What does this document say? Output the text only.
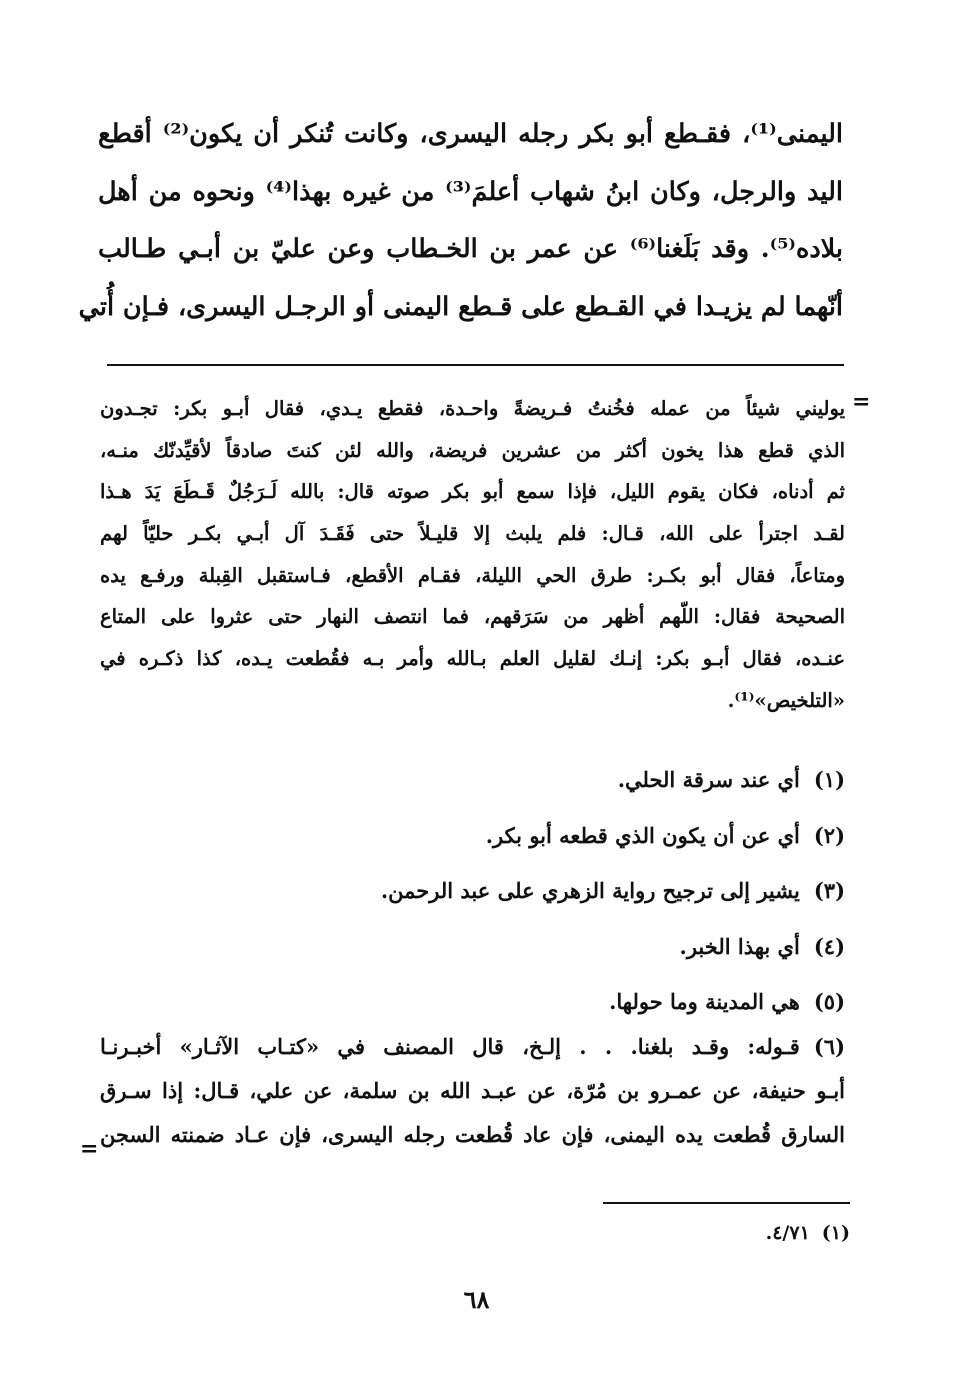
اليمنى⁽¹⁾، فقـطع أبو بكر رجله اليسرى، وكانت تُنكر أن يكون⁽²⁾ أقطع
اليد والرجل، وكان ابنُ شهاب أعلمَ⁽³⁾ من غيره بهذا⁽⁴⁾ ونحوه من أهل
بلاده⁽⁵⁾. وقد بَلَغنا⁽⁶⁾ عن عمر بن الخـطاب وعن عليّ بن أبـي طـالب
أنّهما لم يزيـدا في القـطع على قـطع اليمنى أو الرجـل اليسرى، فـإن أُتي
=
يوليني شيئاً من عمله فخُنتُ فـريضةً واحـدة، فقطع يـدي، فقال أبـو بكر: تجـدون
الذي قطع هذا يخون أكثر من عشرين فريضة، والله لئن كنتَ صادقاً لأقيِّدنّك منـه،
ثم أدناه، فكان يقوم الليل، فإذا سمع أبو بكر صوته قال: بالله لَـرَجُلٌ قَـطَعَ يَدَ هـذا
لقـد اجترأ على الله، قـال: فلم يلبث إلا قليـلاً حتى فَقَـدَ آل أبـي بكـر حليّاً لهم
ومتاعاً، فقال أبو بكـر: طرق الحي الليلة، فقـام الأقطع، فـاستقبل القِبلة ورفـع يده
الصحيحة فقال: اللّهم أظهر من سَرَقهم، فما انتصف النهار حتى عثروا على المتاع
عنـده، فقال أبـو بكر: إنـك لقليل العلم بـالله وأمر بـه فقُطعت يـده، كذا ذكـره في
«التلخيص»⁽¹⁾.
(١)أي عند سرقة الحلي.
(٢)أي عن أن يكون الذي قطعه أبو بكر.
(٣)يشير إلى ترجيح رواية الزهري على عبد الرحمن.
(٤)أي بهذا الخبر.
(٥)هي المدينة وما حولها.
(٦)قـوله: وقـد بلغنا. . . إلـخ، قال المصنف في «كتـاب الآثـار» أخبـرنـا
أبـو حنيفة، عن عمـرو بن مُرّة، عن عبـد الله بن سلمة، عن علي، قـال: إذا سـرق
السارق قُطعت يده اليمنى، فإن عاد قُطعت رجله اليسرى، فإن عـاد ضمنته السجن
=
(١)٤/٧١.
٦٨
